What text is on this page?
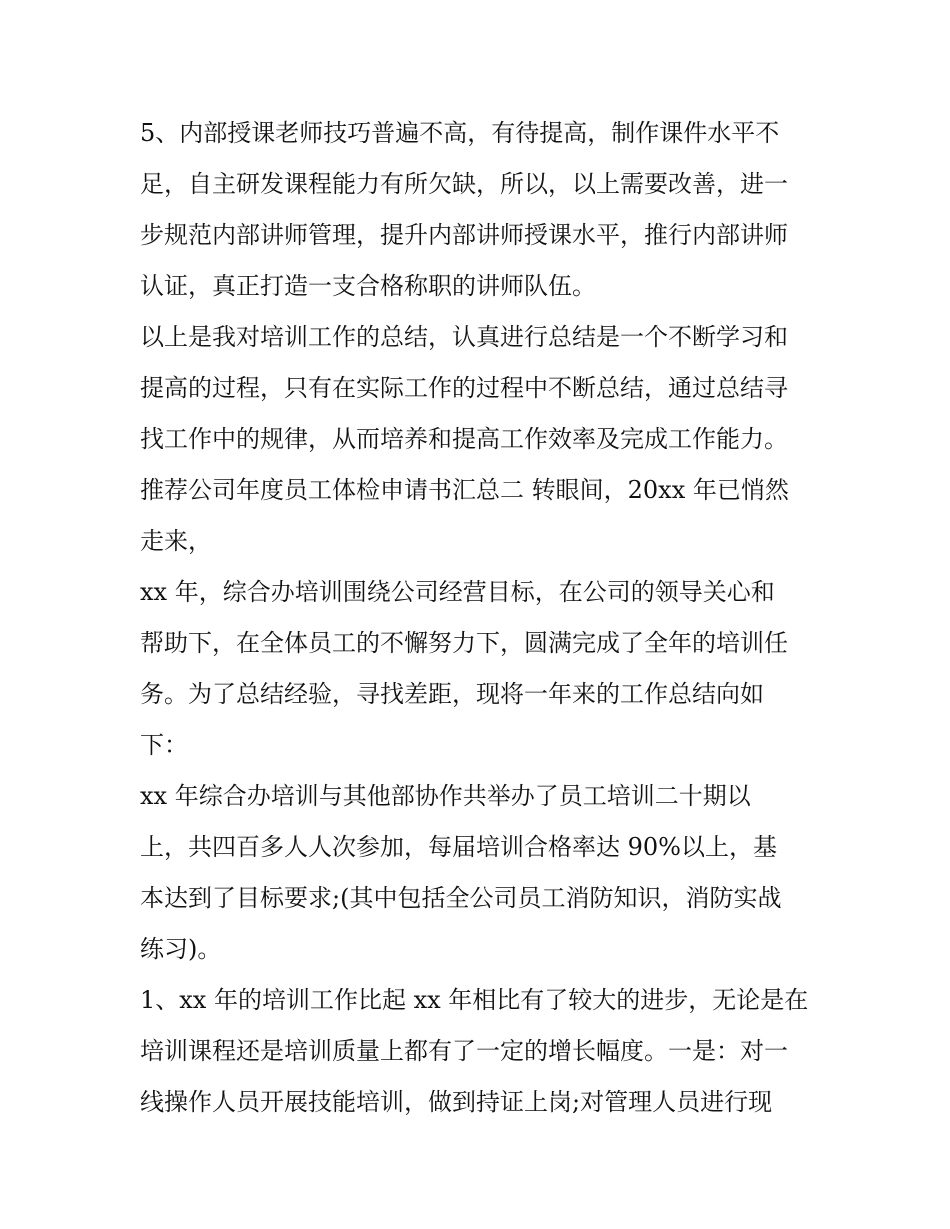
5、内部授课老师技巧普遍不高，有待提高，制作课件水平不
足，自主研发课程能力有所欠缺，所以，以上需要改善，进一
步规范内部讲师管理，提升内部讲师授课水平，推行内部讲师
认证，真正打造一支合格称职的讲师队伍。
以上是我对培训工作的总结，认真进行总结是一个不断学习和
提高的过程，只有在实际工作的过程中不断总结，通过总结寻
找工作中的规律，从而培养和提高工作效率及完成工作能力。
推荐公司年度员工体检申请书汇总二 转眼间，20xx 年已悄然
走来，
xx 年，综合办培训围绕公司经营目标，在公司的领导关心和
帮助下，在全体员工的不懈努力下，圆满完成了全年的培训任
务。为了总结经验，寻找差距，现将一年来的工作总结向如
下：
xx 年综合办培训与其他部协作共举办了员工培训二十期以
上，共四百多人人次参加，每届培训合格率达 90%以上，基
本达到了目标要求;(其中包括全公司员工消防知识，消防实战
练习)。
1、xx 年的培训工作比起 xx 年相比有了较大的进步，无论是在
培训课程还是培训质量上都有了一定的增长幅度。一是：对一
线操作人员开展技能培训，做到持证上岗;对管理人员进行现
